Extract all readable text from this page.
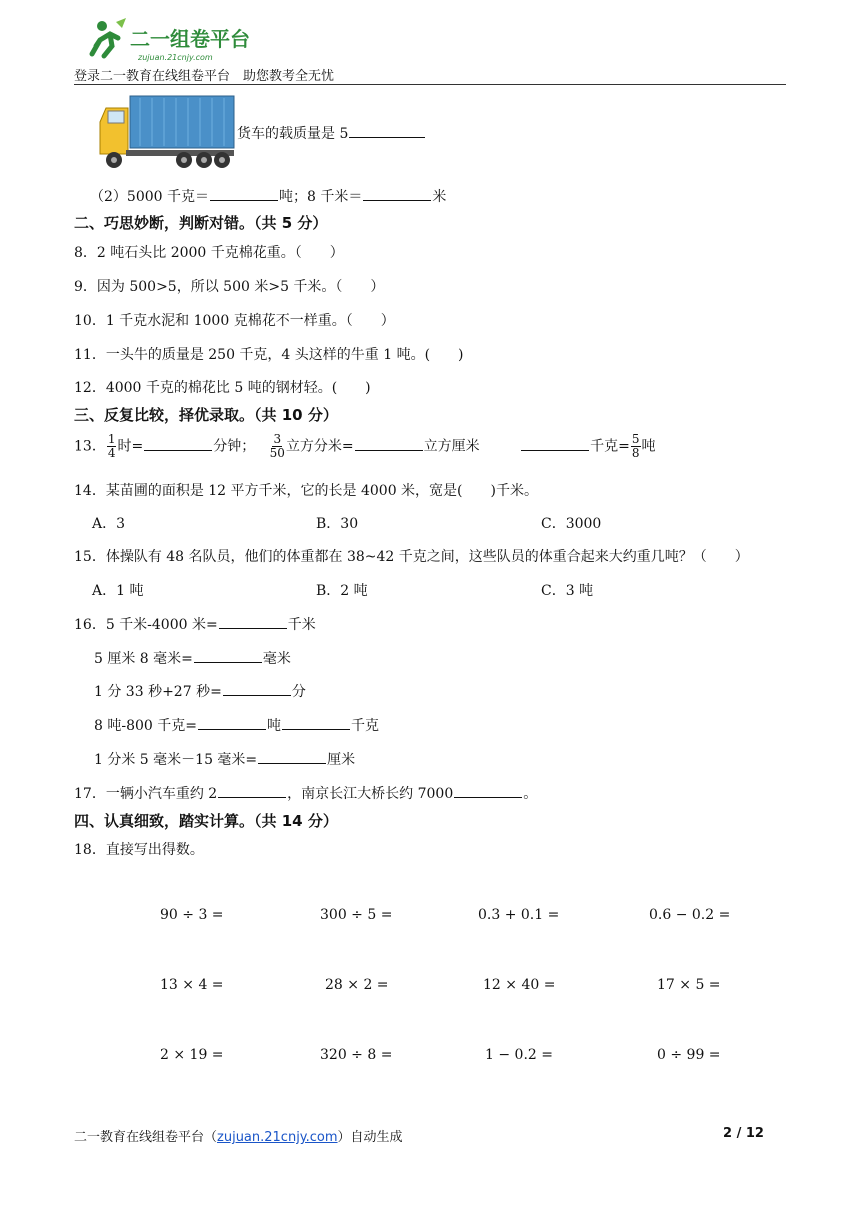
二一组卷平台
zujuan.21cnjy.com
登录二一教育在线组卷平台　助您教考全无忧
货车的载质量是 5
（2）5000 千克＝	吨；8 千米＝	米
二、巧思妙断，判断对错。（共 5 分）
8．2 吨石头比 2000 千克棉花重。（　　）
9．因为 500>5，所以 500 米>5 千米。（　　）
10．1 千克水泥和 1000 克棉花不一样重。（　　）
11．一头牛的质量是 250 千克，4 头这样的牛重 1 吨。(　　)
12．4000 千克的棉花比 5 吨的钢材轻。(　　)
三、反复比较，择优录取。（共 10 分）
13． $\frac{1}{4}$ 时=	分钟； $\frac{3}{50}$ 立方分米=	立方厘米	千克= $\frac{5}{8}$ 吨
14．某苗圃的面积是 12 平方千米，它的长是 4000 米，宽是(　　)千米。
A．3	B．30	C．3000
15．体操队有 48 名队员，他们的体重都在 38~42 千克之间，这些队员的体重合起来大约重几吨？（　　）
A．1 吨	B．2 吨	C．3 吨
16．5 千米-4000 米=	千米
5 厘米 8 毫米=	毫米
1 分 33 秒+27 秒=	分
8 吨-800 千克=	吨	千克
1 分米 5 毫米－15 毫米=	厘米
17．一辆小汽车重约 2	，南京长江大桥长约 7000	。
四、认真细致，踏实计算。（共 14 分）
18．直接写出得数。
90 ÷ 3 =	300 ÷ 5 =	0.3 + 0.1 =	0.6 − 0.2 =
13 × 4 =	28 × 2 =	12 × 40 =	17 × 5 =
2 × 19 =	320 ÷ 8 =	1 − 0.2 =	0 ÷ 99 =
二一教育在线组卷平台（zujuan.21cnjy.com）自动生成	2 / 12
